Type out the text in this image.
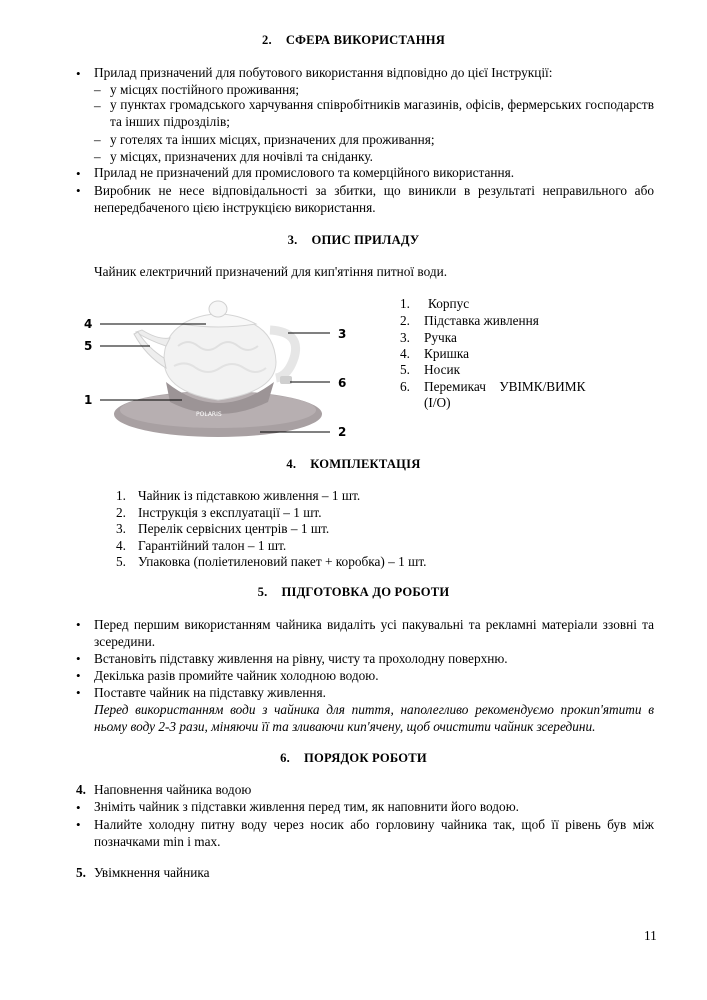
2. СФЕРА ВИКОРИСТАННЯ
• Прилад призначений для побутового використання відповідно до цієї Інструкції:
– у місцях постійного проживання;
– у пунктах громадського харчування співробітників магазинів, офісів, фермерських господарств та інших підрозділів;
– у готелях та інших місцях, призначених для проживання;
– у місцях, призначених для ночівлі та сніданку.
• Прилад не призначений для промислового та комерційного використання.
• Виробник не несе відповідальності за збитки, що виникли в результаті неправильного або непередбаченого цією інструкцією використання.
3. ОПИС ПРИЛАДУ
Чайник електричний призначений для кип'ятіння питної води.
POLARIS
4
5
1
3
6
2
1. Корпус
2. Підставка живлення
3. Ручка
4. Кришка
5. Носик
6. Перемикач    УВІМК/ВИМК (I/O)
4. КОМПЛЕКТАЦІЯ
1. Чайник із підставкою живлення – 1 шт.
2. Інструкція з експлуатації – 1 шт.
3. Перелік сервісних центрів – 1 шт.
4. Гарантійний талон – 1 шт.
5. Упаковка (поліетиленовий пакет + коробка) – 1 шт.
5. ПІДГОТОВКА ДО РОБОТИ
• Перед першим використанням чайника видаліть усі пакувальні та рекламні матеріали ззовні та зсередини.
• Встановіть підставку живлення на рівну, чисту та прохолодну поверхню.
• Декілька разів промийте чайник холодною водою.
• Поставте чайник на підставку живлення.
Перед використанням води з чайника для пиття, наполегливо рекомендуємо прокип'ятити в ньому воду 2-3 рази, міняючи її та зливаючи кип'ячену, щоб очистити чайник зсередини.
6. ПОРЯДОК РОБОТИ
4. Наповнення чайника водою
• Зніміть чайник з підставки живлення перед тим, як наповнити його водою.
• Налийте холодну питну воду через носик або горловину чайника так, щоб її рівень був між позначками min і max.
5. Увімкнення чайника
11
